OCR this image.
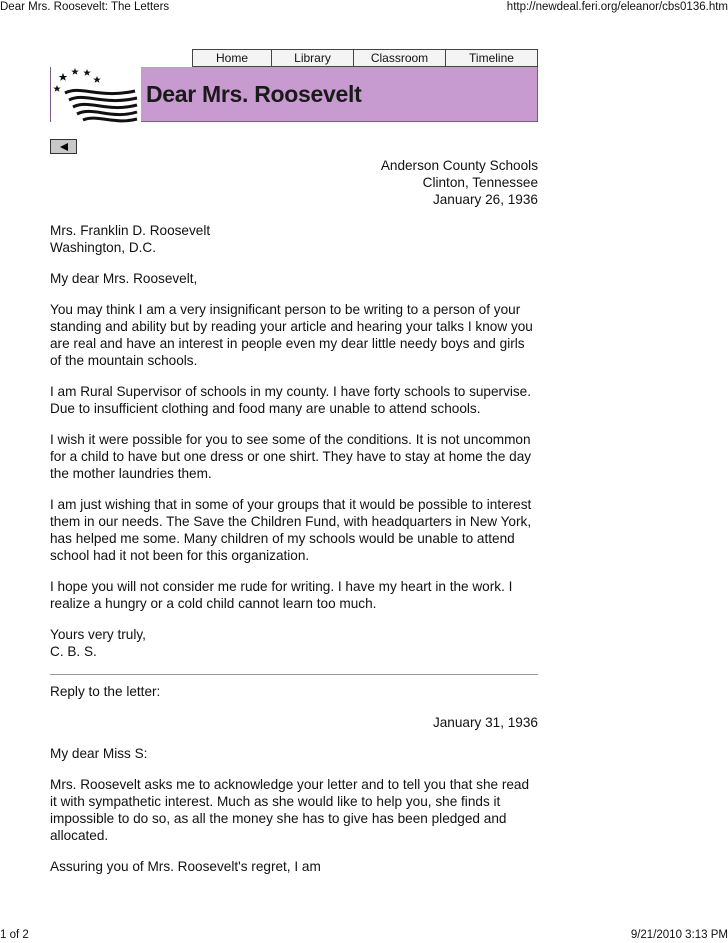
Dear Mrs. Roosevelt: The Letters	http://newdeal.feri.org/eleanor/cbs0136.htm
Home	Library	Classroom	Timeline
Dear Mrs. Roosevelt
Anderson County Schools
Clinton, Tennessee
January 26, 1936
Mrs. Franklin D. Roosevelt
Washington, D.C.

My dear Mrs. Roosevelt,

You may think I am a very insignificant person to be writing to a person of your standing and ability but by reading your article and hearing your talks I know you are real and have an interest in people even my dear little needy boys and girls of the mountain schools.

I am Rural Supervisor of schools in my county. I have forty schools to supervise. Due to insufficient clothing and food many are unable to attend schools.

I wish it were possible for you to see some of the conditions. It is not uncommon for a child to have but one dress or one shirt. They have to stay at home the day the mother laundries them.

I am just wishing that in some of your groups that it would be possible to interest them in our needs. The Save the Children Fund, with headquarters in New York, has helped me some. Many children of my schools would be unable to attend school had it not been for this organization.

I hope you will not consider me rude for writing. I have my heart in the work. I realize a hungry or a cold child cannot learn too much.

Yours very truly,
C. B. S.

Reply to the letter:

January 31, 1936

My dear Miss S:

Mrs. Roosevelt asks me to acknowledge your letter and to tell you that she read it with sympathetic interest. Much as she would like to help you, she finds it impossible to do so, as all the money she has to give has been pledged and allocated.

Assuring you of Mrs. Roosevelt's regret, I am

1 of 2	9/21/2010 3:13 PM
